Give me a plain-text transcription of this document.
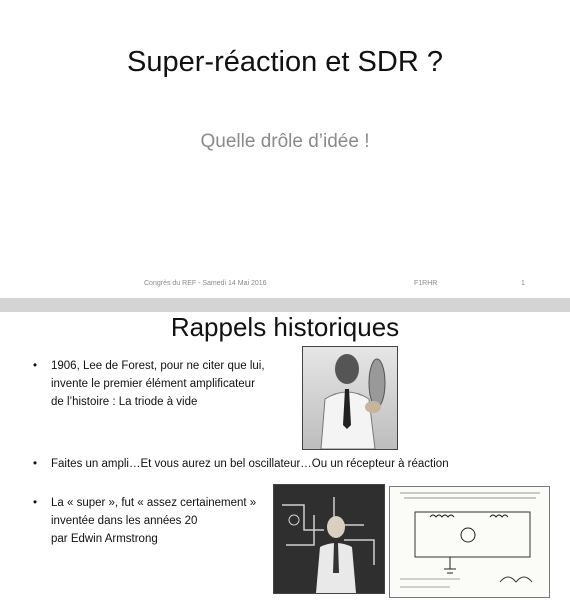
Super-réaction et SDR ?
Quelle drôle d’idée !
Congrès du REF - Samedi 14 Mai 2016	F1RHR	1
Rappels historiques
• 1906, Lee de Forest, pour ne citer que lui,
invente le premier élément amplificateur
de l’histoire : La triode à vide
• Faites un ampli…Et vous aurez un bel oscillateur…Ou un récepteur à réaction
• La « super », fut « assez certainement »
inventée dans les années 20
par Edwin Armstrong
